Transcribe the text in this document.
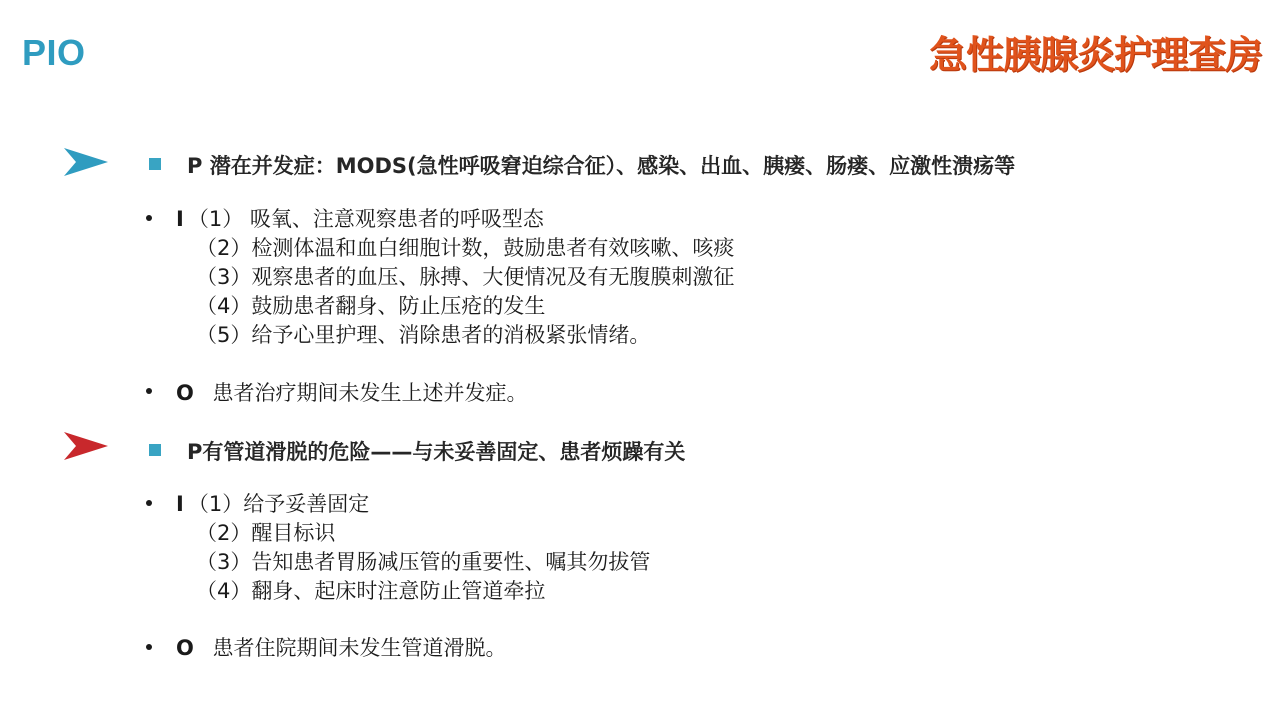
PIO	急性胰腺炎护理查房
P 潜在并发症：MODS(急性呼吸窘迫综合征）、感染、出血、胰瘘、肠瘘、应激性溃疡等
I （1） 吸氧、注意观察患者的呼吸型态
（2）检测体温和血白细胞计数，鼓励患者有效咳嗽、咳痰
（3）观察患者的血压、脉搏、大便情况及有无腹膜刺激征
（4）鼓励患者翻身、防止压疮的发生
（5）给予心里护理、消除患者的消极紧张情绪。
O 患者治疗期间未发生上述并发症。
P有管道滑脱的危险——与未妥善固定、患者烦躁有关
I （1）给予妥善固定
（2）醒目标识
（3）告知患者胃肠减压管的重要性、嘱其勿拔管
（4）翻身、起床时注意防止管道牵拉
O 患者住院期间未发生管道滑脱。
